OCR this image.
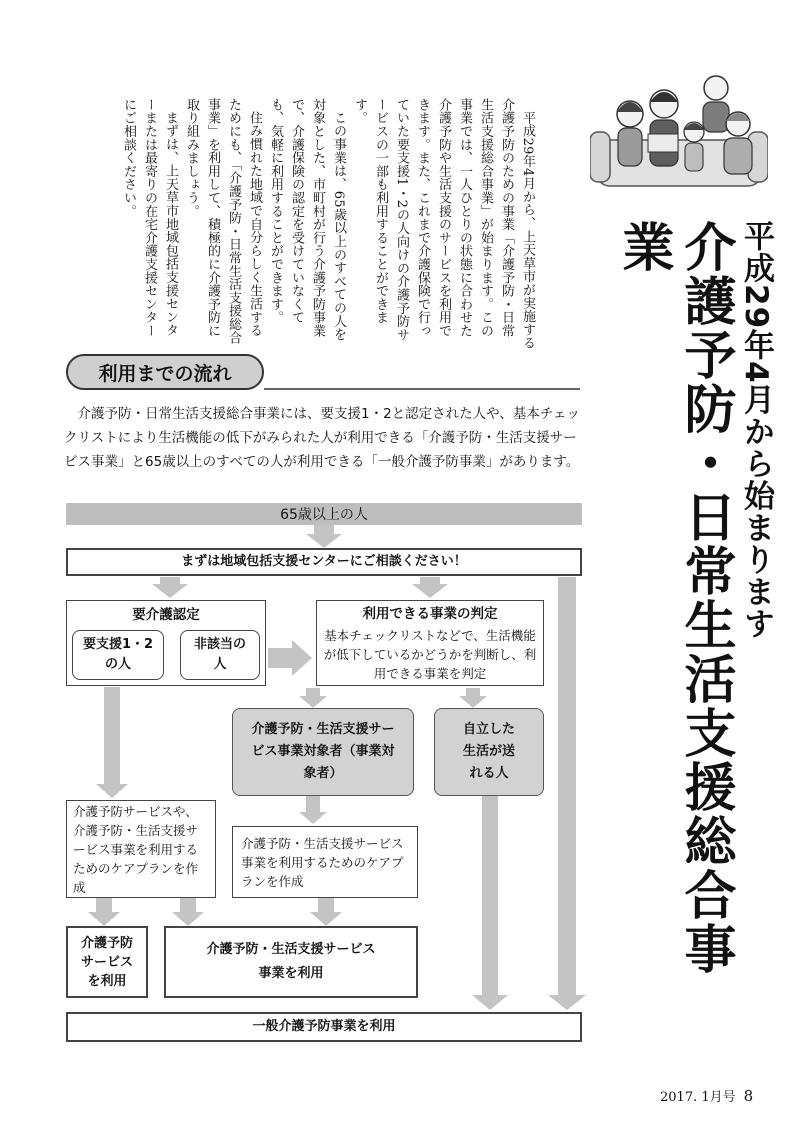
平成29年4月から、上天草市が実施する介護予防のための事業「介護予防・日常生活支援総合事業」が始まります。この事業では、一人ひとりの状態に合わせた介護予防や生活支援のサービスを利用できます。また、これまで介護保険で行っていた要支援1・2の人向けの介護予防サービスの一部も利用することができます。

この事業は、65歳以上のすべての人を対象とした、市町村が行う介護予防事業で、介護保険の認定を受けていなくても、気軽に利用することができます。

住み慣れた地域で自分らしく生活するためにも、「介護予防・日常生活支援総合事業」を利用して、積極的に介護予防に取り組みましょう。

まずは、上天草市地域包括支援センターまたは最寄りの在宅介護支援センターにご相談ください。

平成29年4月から始まります
介護予防・日常生活支援総合事業
利用までの流れ

介護予防・日常生活支援総合事業には、要支援1・2と認定された人や、基本チェックリストにより生活機能の低下がみられた人が利用できる「介護予防・生活支援サービス事業」と65歳以上のすべての人が利用できる「一般介護予防事業」があります。

65歳以上の人
まずは地域包括支援センターにご相談ください！
要介護認定
要支援1・2の人
非該当の人
利用できる事業の判定
基本チェックリストなどで、生活機能が低下しているかどうかを判断し、利用できる事業を判定
介護予防・生活支援サービス事業対象者（事業対象者）
自立した生活が送れる人
介護予防サービスや、介護予防・生活支援サービス事業を利用するためのケアプランを作成
介護予防・生活支援サービス事業を利用するためのケアプランを作成
介護予防サービスを利用
介護予防・生活支援サービス事業を利用
一般介護予防事業を利用
2017. 1月号 8
